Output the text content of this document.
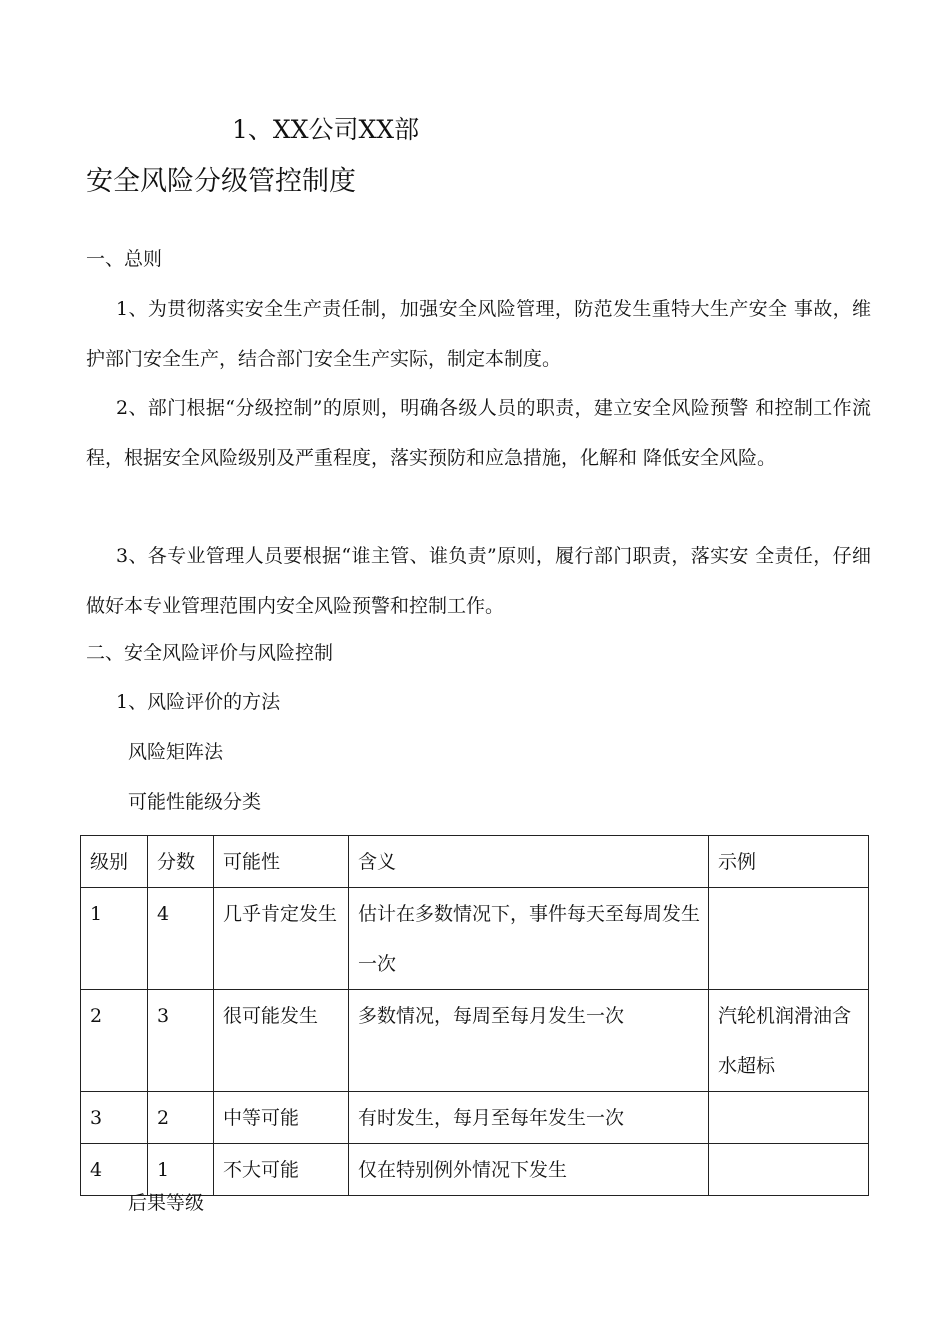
1、XX公司XX部
安全风险分级管控制度
一、总则
1、为贯彻落实安全生产责任制，加强安全风险管理，防范发生重特大生产安全 事故，维护部门安全生产，结合部门安全生产实际，制定本制度。
2、部门根据“分级控制”的原则，明确各级人员的职责，建立安全风险预警 和控制工作流程，根据安全风险级别及严重程度，落实预防和应急措施，化解和 降低安全风险。
3、各专业管理人员要根据“谁主管、谁负责”原则，履行部门职责，落实安 全责任，仔细做好本专业管理范围内安全风险预警和控制工作。
二、安全风险评价与风险控制
1、风险评价的方法
风险矩阵法
可能性能级分类
级别	分数	可能性	含义	示例

1	4	几乎肯定发生	估计在多数情况下，事件每天至每周发生一次	

2	3	很可能发生	多数情况，每周至每月发生一次	汽轮机润滑油含水超标

3	2	中等可能	有时发生，每月至每年发生一次	

4	1	不大可能	仅在特别例外情况下发生	

后果等级
